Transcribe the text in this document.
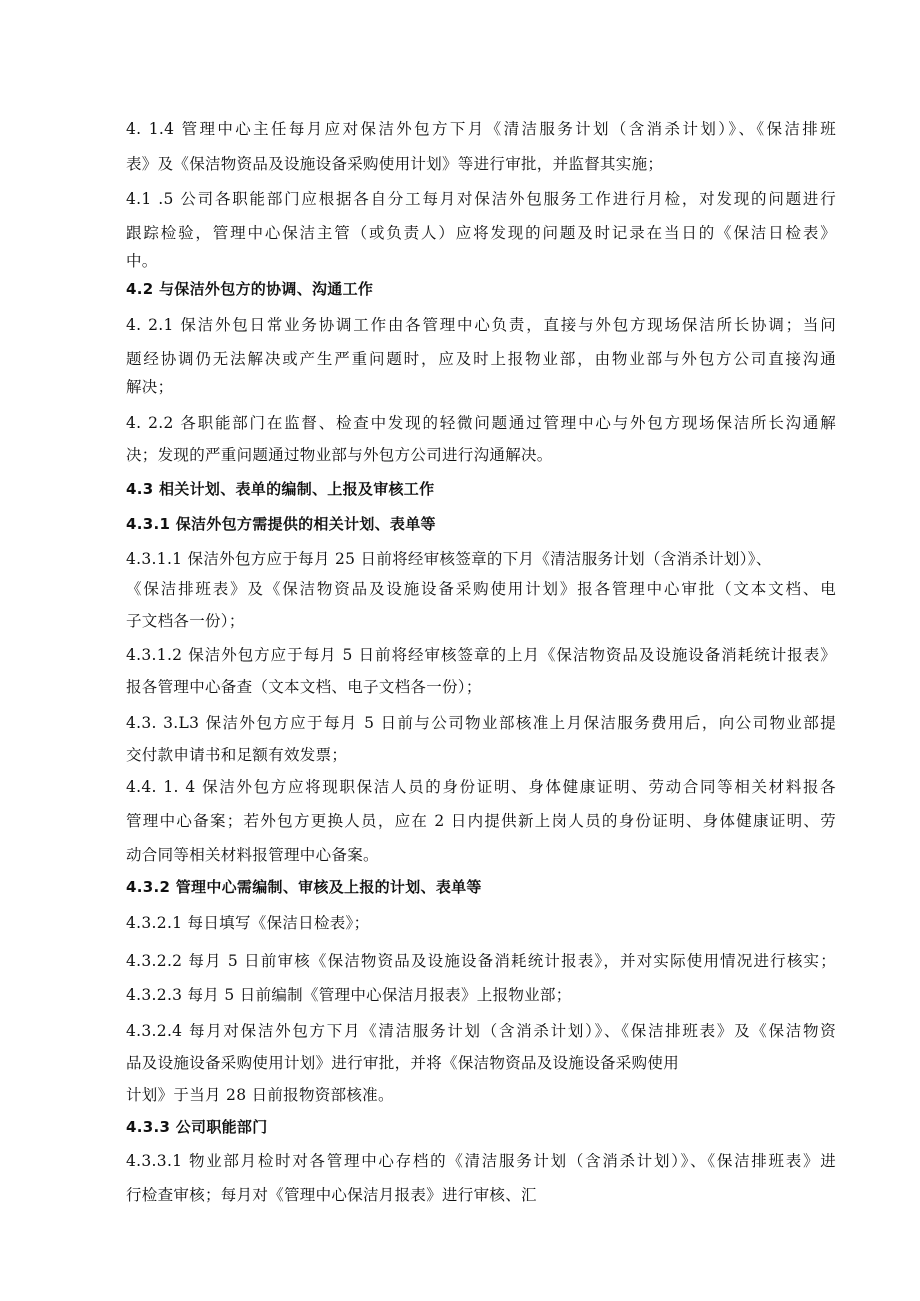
4. 1.4 管理中心主任每月应对保洁外包方下月《清洁服务计划（含消杀计划）》、《保洁排班
表》及《保洁物资品及设施设备采购使用计划》等进行审批，并监督其实施；
4.1 .5 公司各职能部门应根据各自分工每月对保洁外包服务工作进行月检，对发现的问题进行
跟踪检验，管理中心保洁主管（或负责人）应将发现的问题及时记录在当日的《保洁日检表》
中。
4.2 与保洁外包方的协调、沟通工作
4. 2.1 保洁外包日常业务协调工作由各管理中心负责，直接与外包方现场保洁所长协调；当问
题经协调仍无法解决或产生严重问题时，应及时上报物业部，由物业部与外包方公司直接沟通
解决；
4. 2.2 各职能部门在监督、检查中发现的轻微问题通过管理中心与外包方现场保洁所长沟通解
决；发现的严重问题通过物业部与外包方公司进行沟通解决。
4.3 相关计划、表单的编制、上报及审核工作
4.3.1 保洁外包方需提供的相关计划、表单等
4.3.1.1 保洁外包方应于每月 25 日前将经审核签章的下月《清洁服务计划（含消杀计划）》、
《保洁排班表》及《保洁物资品及设施设备采购使用计划》报各管理中心审批（文本文档、电
子文档各一份）；
4.3.1.2 保洁外包方应于每月 5 日前将经审核签章的上月《保洁物资品及设施设备消耗统计报表》
报各管理中心备查（文本文档、电子文档各一份）；
4.3. 3.L3 保洁外包方应于每月 5 日前与公司物业部核准上月保洁服务费用后，向公司物业部提
交付款申请书和足额有效发票；
4.4. 1. 4 保洁外包方应将现职保洁人员的身份证明、身体健康证明、劳动合同等相关材料报各
管理中心备案；若外包方更换人员，应在 2 日内提供新上岗人员的身份证明、身体健康证明、劳
动合同等相关材料报管理中心备案。
4.3.2 管理中心需编制、审核及上报的计划、表单等
4.3.2.1 每日填写《保洁日检表》；
4.3.2.2 每月 5 日前审核《保洁物资品及设施设备消耗统计报表》，并对实际使用情况进行核实；
4.3.2.3 每月 5 日前编制《管理中心保洁月报表》上报物业部；
4.3.2.4 每月对保洁外包方下月《清洁服务计划（含消杀计划）》、《保洁排班表》及《保洁物资
品及设施设备采购使用计划》进行审批，并将《保洁物资品及设施设备采购使用
计划》于当月 28 日前报物资部核准。
4.3.3 公司职能部门
4.3.3.1 物业部月检时对各管理中心存档的《清洁服务计划（含消杀计划）》、《保洁排班表》进
行检查审核；每月对《管理中心保洁月报表》进行审核、汇
